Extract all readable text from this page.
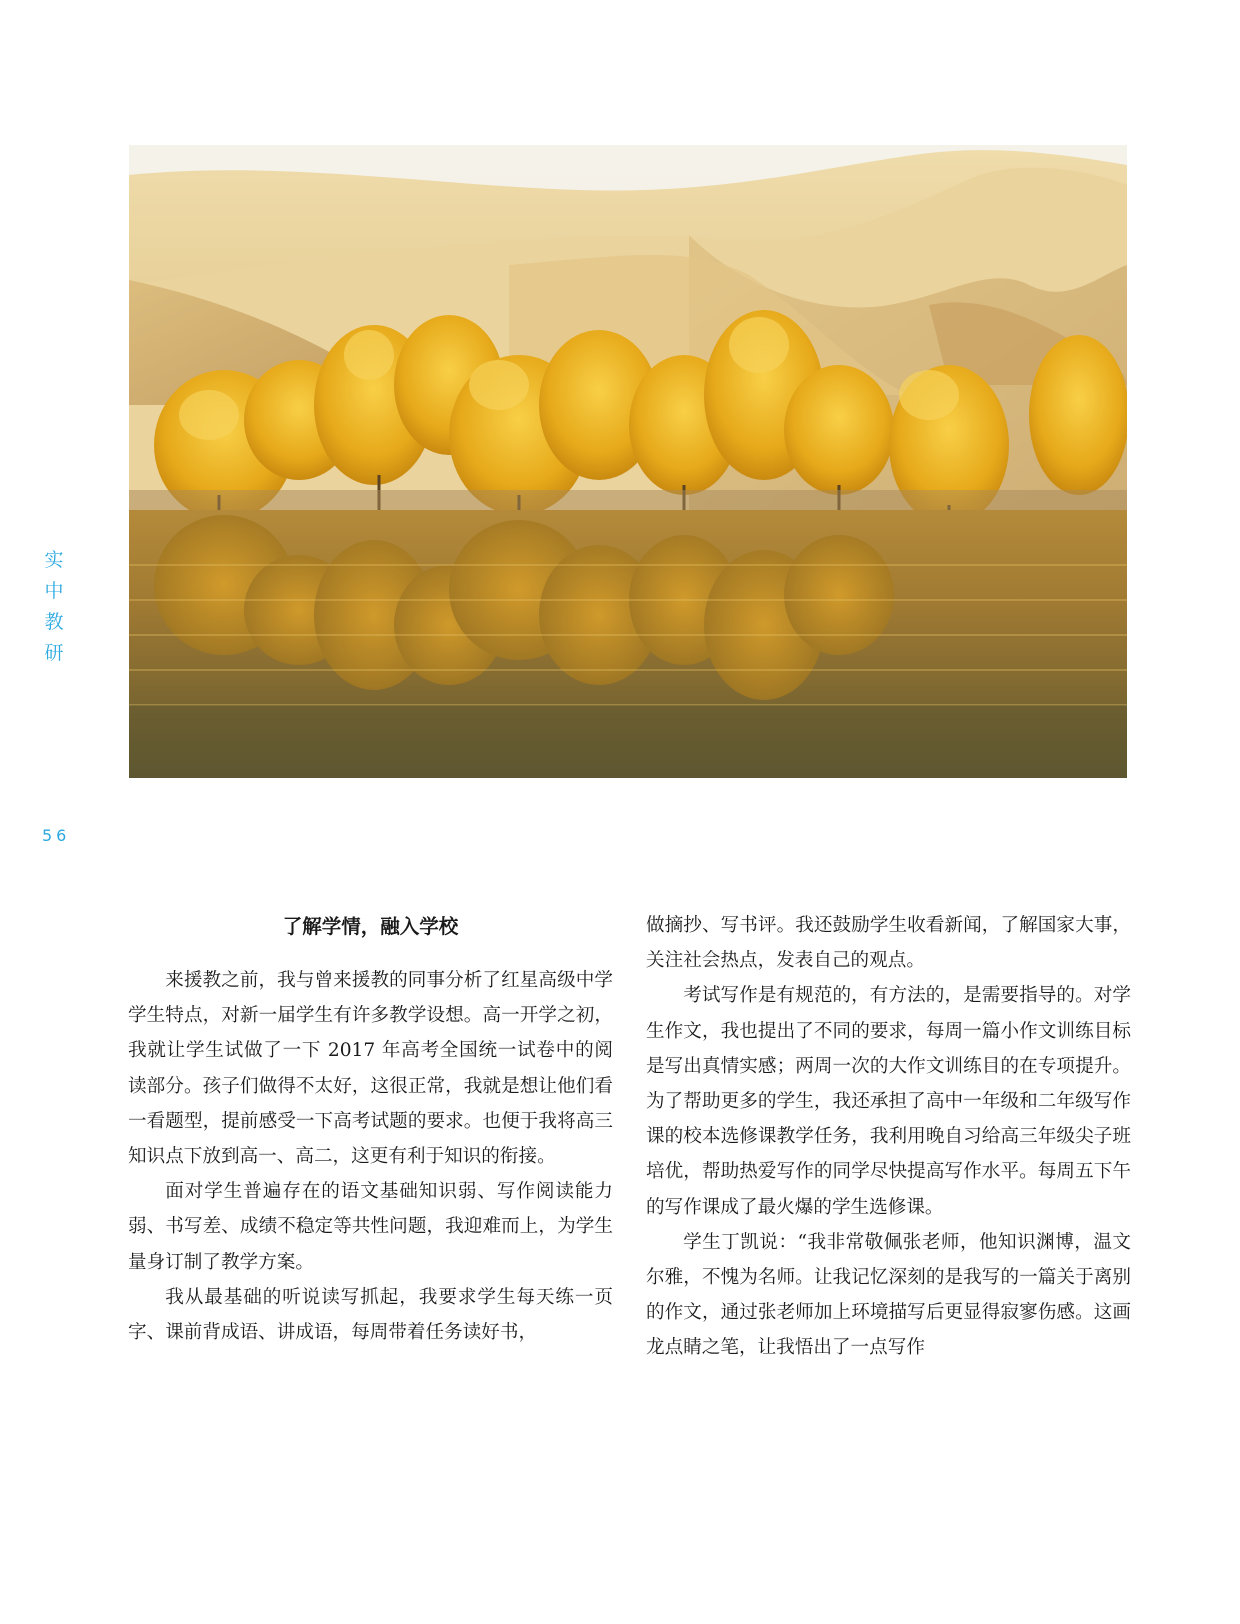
实
中
教
研
56
了解学情，融入学校

来援教之前，我与曾来援教的同事分析了红星高级中学学生特点，对新一届学生有许多教学设想。高一开学之初，我就让学生试做了一下 2017 年高考全国统一试卷中的阅读部分。孩子们做得不太好，这很正常，我就是想让他们看一看题型，提前感受一下高考试题的要求。也便于我将高三知识点下放到高一、高二，这更有利于知识的衔接。

面对学生普遍存在的语文基础知识弱、写作阅读能力弱、书写差、成绩不稳定等共性问题，我迎难而上，为学生量身订制了教学方案。

我从最基础的听说读写抓起，我要求学生每天练一页字、课前背成语、讲成语，每周带着任务读好书，

做摘抄、写书评。我还鼓励学生收看新闻，了解国家大事，关注社会热点，发表自己的观点。

考试写作是有规范的，有方法的，是需要指导的。对学生作文，我也提出了不同的要求，每周一篇小作文训练目标是写出真情实感；两周一次的大作文训练目的在专项提升。为了帮助更多的学生，我还承担了高中一年级和二年级写作课的校本选修课教学任务，我利用晚自习给高三年级尖子班培优，帮助热爱写作的同学尽快提高写作水平。每周五下午的写作课成了最火爆的学生选修课。

学生丁凯说：“我非常敬佩张老师，他知识渊博，温文尔雅，不愧为名师。让我记忆深刻的是我写的一篇关于离别的作文，通过张老师加上环境描写后更显得寂寥伤感。这画龙点睛之笔，让我悟出了一点写作
